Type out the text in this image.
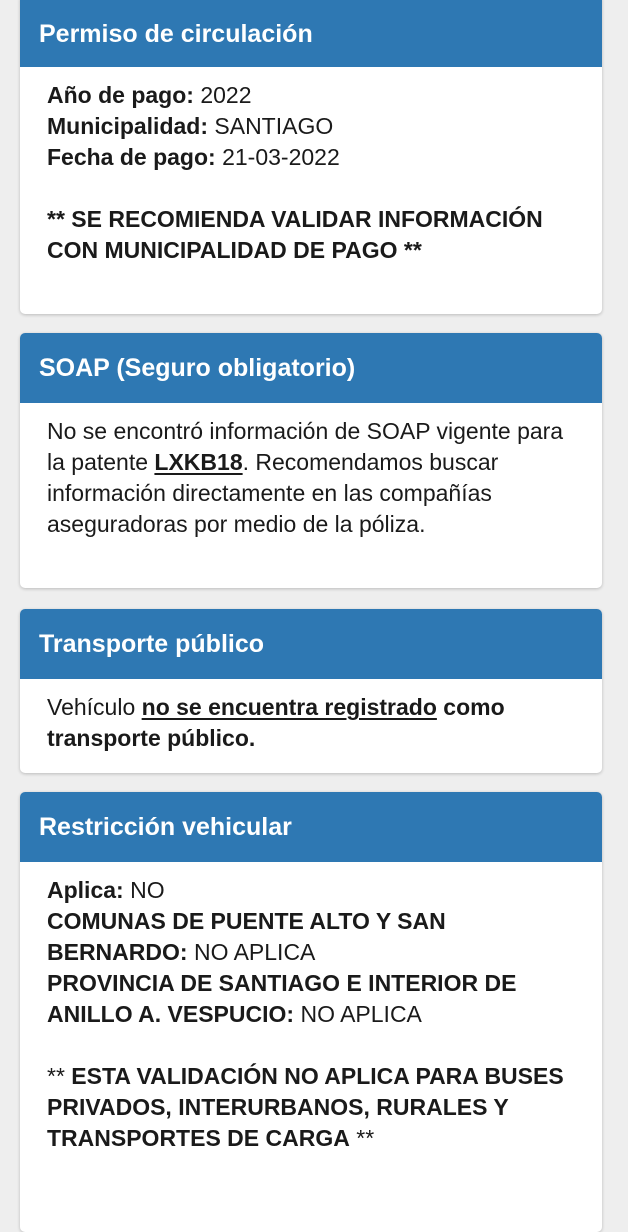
Permiso de circulación
Año de pago: 2022
Municipalidad: SANTIAGO
Fecha de pago: 21-03-2022
** SE RECOMIENDA VALIDAR INFORMACIÓN CON MUNICIPALIDAD DE PAGO **
SOAP (Seguro obligatorio)
No se encontró información de SOAP vigente para la patente LXKB18. Recomendamos buscar información directamente en las compañías aseguradoras por medio de la póliza.
Transporte público
Vehículo no se encuentra registrado como transporte público.
Restricción vehicular
Aplica: NO
COMUNAS DE PUENTE ALTO Y SAN BERNARDO: NO APLICA
PROVINCIA DE SANTIAGO E INTERIOR DE ANILLO A. VESPUCIO: NO APLICA
** ESTA VALIDACIÓN NO APLICA PARA BUSES PRIVADOS, INTERURBANOS, RURALES Y TRANSPORTES DE CARGA **
